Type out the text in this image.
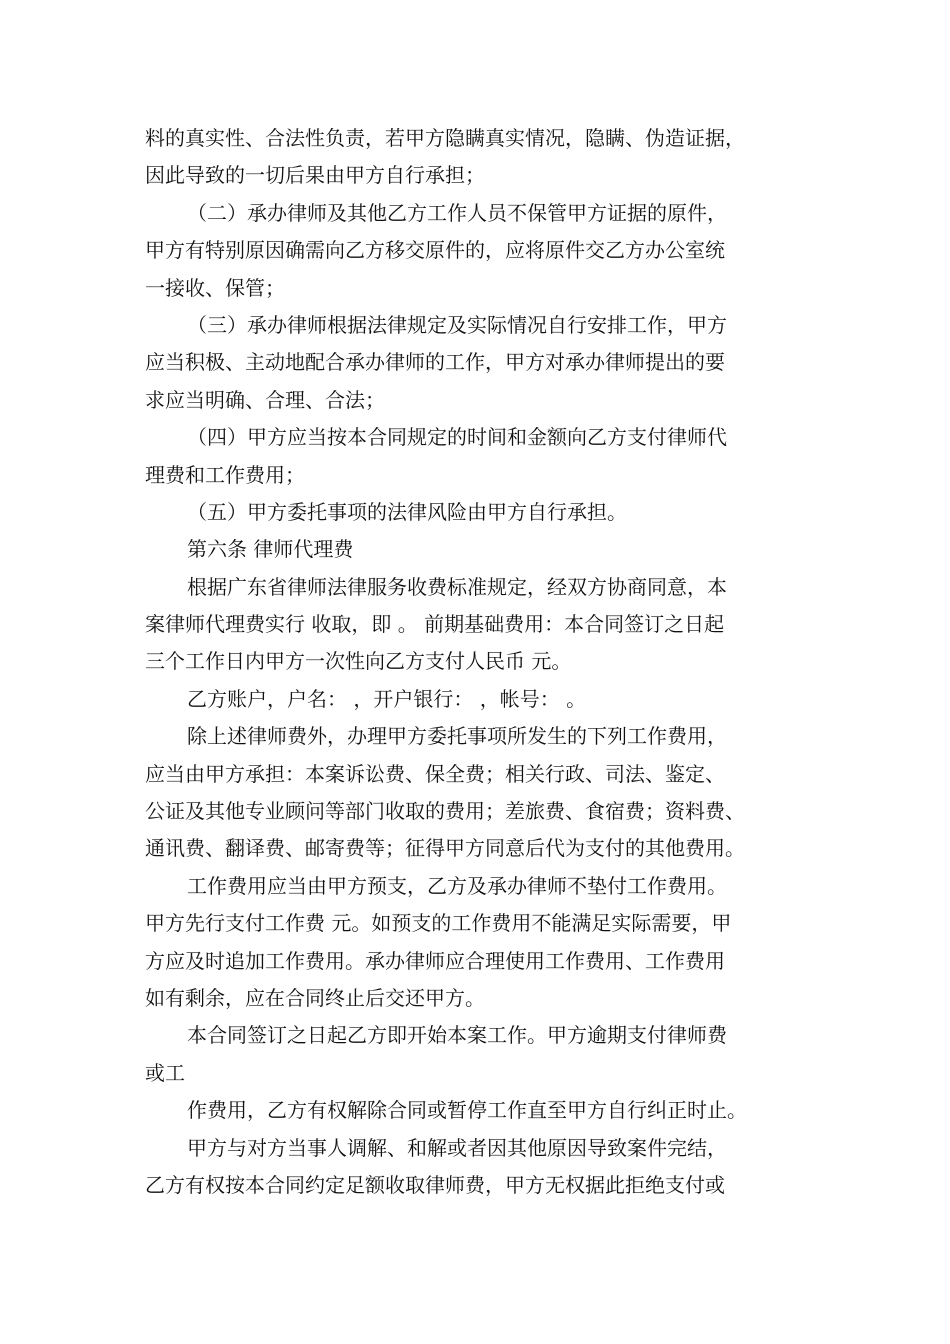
料的真实性、合法性负责，若甲方隐瞒真实情况，隐瞒、伪造证据，
因此导致的一切后果由甲方自行承担；
（二）承办律师及其他乙方工作人员不保管甲方证据的原件，
甲方有特别原因确需向乙方移交原件的，应将原件交乙方办公室统
一接收、保管；
（三）承办律师根据法律规定及实际情况自行安排工作，甲方
应当积极、主动地配合承办律师的工作，甲方对承办律师提出的要
求应当明确、合理、合法；
（四）甲方应当按本合同规定的时间和金额向乙方支付律师代
理费和工作费用；
（五）甲方委托事项的法律风险由甲方自行承担。
第六条 律师代理费
根据广东省律师法律服务收费标准规定，经双方协商同意，本
案律师代理费实行 收取，即 。 前期基础费用：本合同签订之日起
三个工作日内甲方一次性向乙方支付人民币 元。
乙方账户，户名： ，开户银行： ，帐号： 。
除上述律师费外，办理甲方委托事项所发生的下列工作费用，
应当由甲方承担：本案诉讼费、保全费；相关行政、司法、鉴定、
公证及其他专业顾问等部门收取的费用；差旅费、食宿费；资料费、
通讯费、翻译费、邮寄费等；征得甲方同意后代为支付的其他费用。
工作费用应当由甲方预支，乙方及承办律师不垫付工作费用。
甲方先行支付工作费 元。如预支的工作费用不能满足实际需要，甲
方应及时追加工作费用。承办律师应合理使用工作费用、工作费用
如有剩余，应在合同终止后交还甲方。
本合同签订之日起乙方即开始本案工作。甲方逾期支付律师费
或工
作费用，乙方有权解除合同或暂停工作直至甲方自行纠正时止。
甲方与对方当事人调解、和解或者因其他原因导致案件完结，
乙方有权按本合同约定足额收取律师费，甲方无权据此拒绝支付或
